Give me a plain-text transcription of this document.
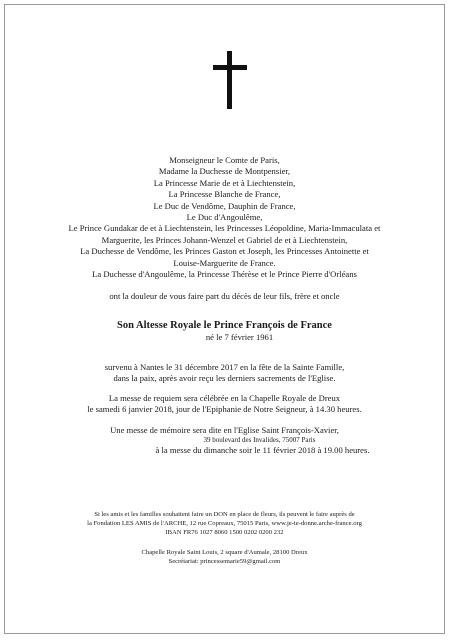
Monseigneur le Comte de Paris,
Madame la Duchesse de Montpensier,
La Princesse Marie de et à Liechtenstein,
La Princesse Blanche de France,
Le Duc de Vendôme, Dauphin de France,
Le Duc d'Angoulême,
Le Prince Gundakar de et à Liechtenstein, les Princesses Léopoldine, Maria-Immaculata et
Marguerite, les Princes Johann-Wenzel et Gabriel de et à Liechtenstein,
La Duchesse de Vendôme, les Princes Gaston et Joseph, les Princesses Antoinette et
Louise-Marguerite de France.
La Duchesse d'Angoulême, la Princesse Thérèse et le Prince Pierre d'Orléans
ont la douleur de vous faire part du décès de leur fils, frère et oncle
Son Altesse Royale le Prince François de France
né le 7 février 1961
survenu à Nantes le 31 décembre 2017 en la fête de la Sainte Famille,
dans la paix, après avoir reçu les derniers sacrements de l'Eglise.
La messe de requiem sera célébrée en la Chapelle Royale de Dreux
le samedi 6 janvier 2018, jour de l'Epiphanie de Notre Seigneur, à 14.30 heures.
Une messe de mémoire sera dite en l'Eglise Saint François-Xavier,
39 boulevard des Invalides, 75007 Paris
à la messe du dimanche soir le 11 février 2018 à 19.00 heures.
Si les amis et les familles souhaitent faire un DON en place de fleurs, ils peuvent le faire auprès de
la Fondation LES AMIS de l'ARCHE, 12 rue Copreaux, 75015 Paris, www.je-te-donne.arche-france.org
IBAN FR76 1027 8060 1500 0202 0200 232
Chapelle Royale Saint Louis, 2 square d'Aumale, 28100 Dreux
Secrétariat: princessemarie59@gmail.com
